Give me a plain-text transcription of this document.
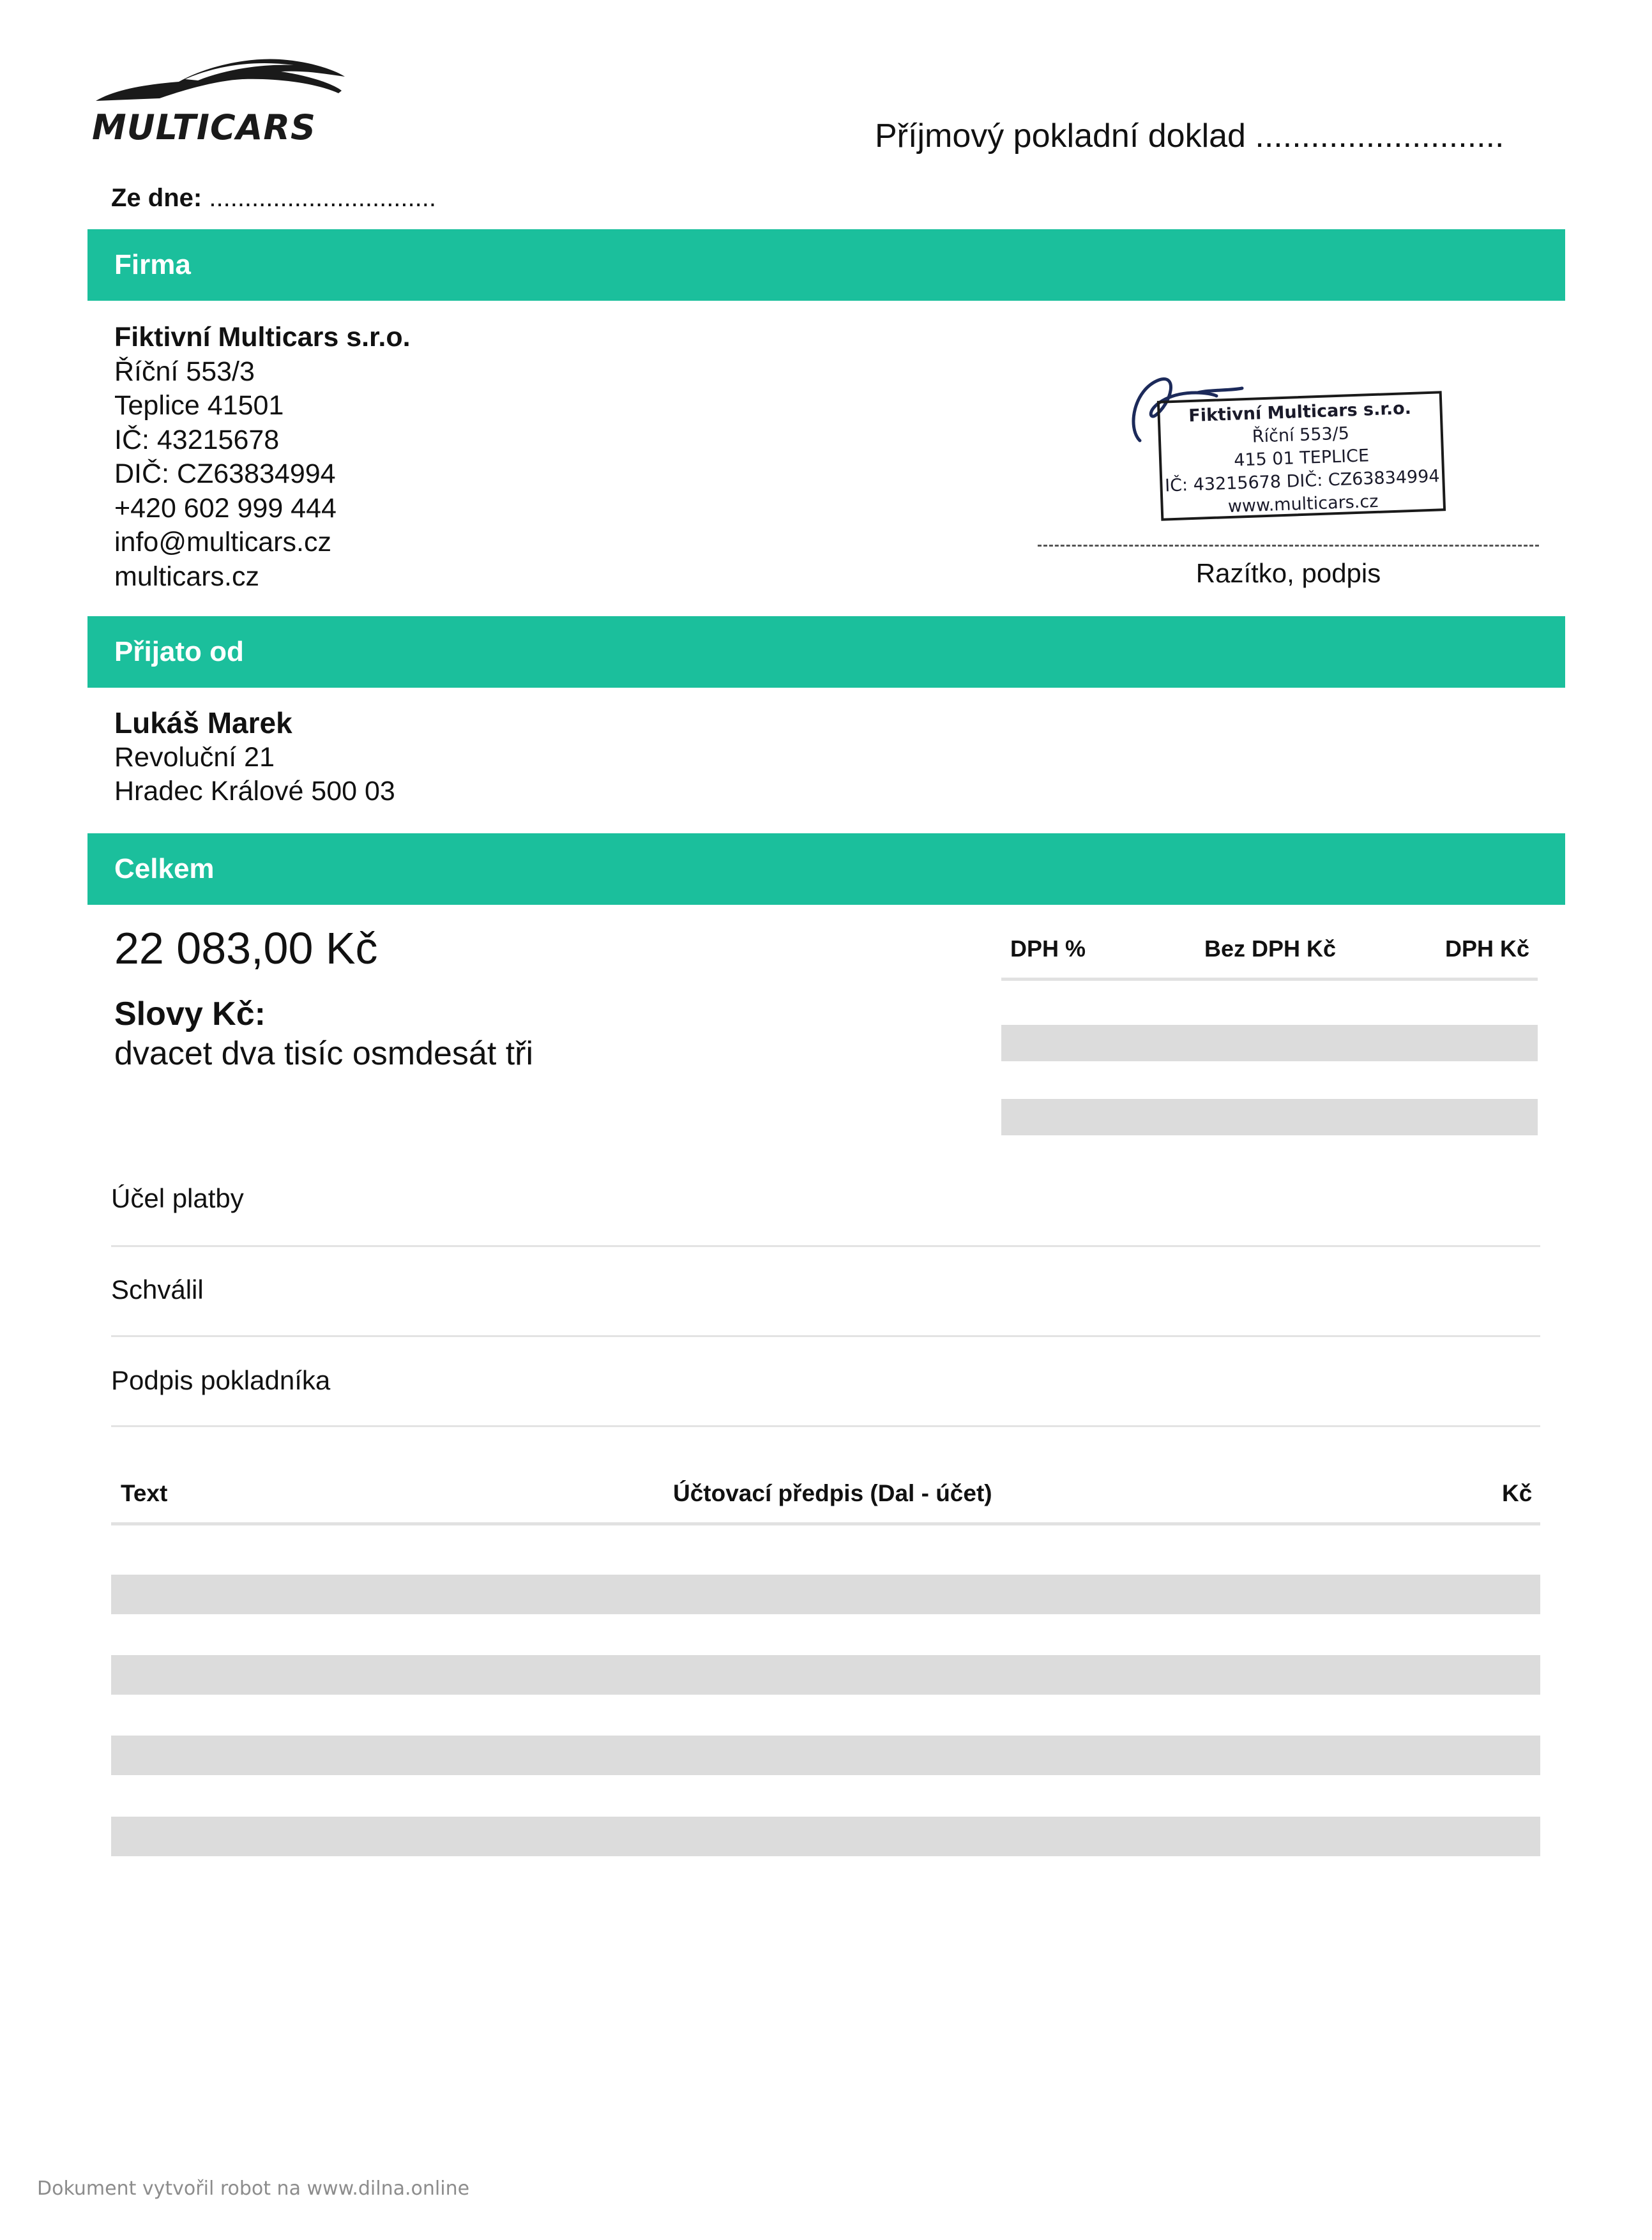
MULTICARS	Příjmový pokladní doklad ...........................
Ze dne: ................................
Firma
Fiktivní Multicars s.r.o.
Říční 553/3
Teplice 41501
IČ: 43215678
DIČ: CZ63834994
+420 602 999 444
info@multicars.cz
multicars.cz
Fiktivní Multicars s.r.o.
Říční 553/5
415 01 TEPLICE
IČ: 43215678 DIČ: CZ63834994
www.multicars.cz
Razítko, podpis
Přijato od
Lukáš Marek
Revoluční 21
Hradec Králové 500 03
Celkem
22 083,00 Kč
Slovy Kč:
dvacet dva tisíc osmdesát tři
DPH %	Bez DPH Kč	DPH Kč
Účel platby
Schválil
Podpis pokladníka
Text	Účtovací předpis (Dal - účet)	Kč
Dokument vytvořil robot na www.dilna.online
